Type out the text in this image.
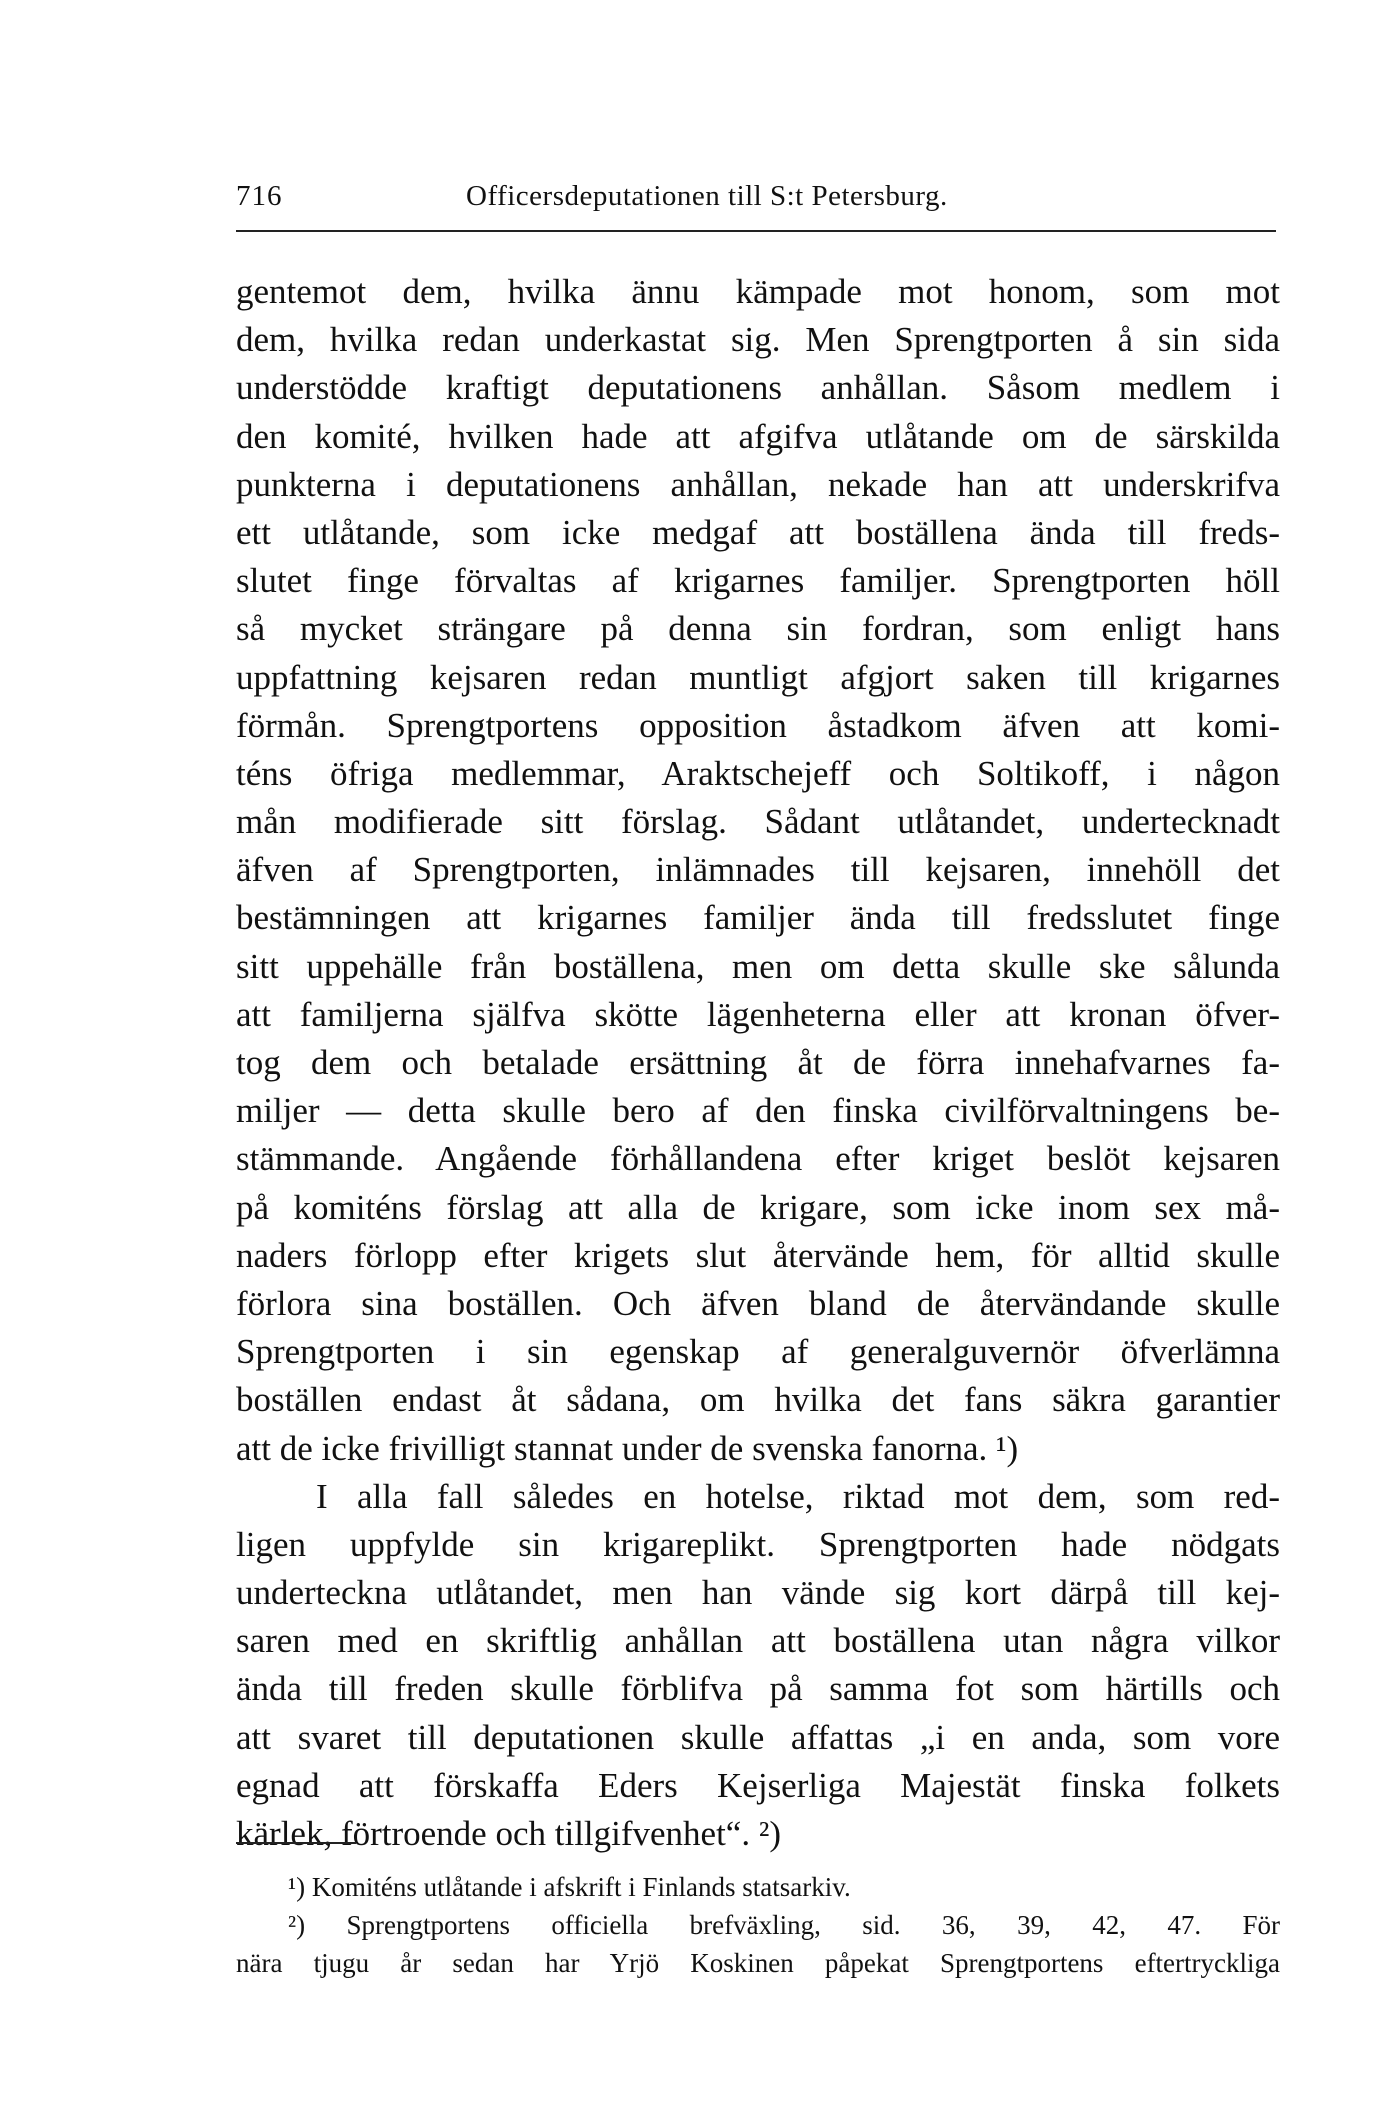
716	Officersdeputationen till S:t Petersburg.
gentemot dem, hvilka ännu kämpade mot honom, som mot
dem, hvilka redan underkastat sig. Men Sprengtporten å sin sida
understödde kraftigt deputationens anhållan. Såsom medlem i
den komité, hvilken hade att afgifva utlåtande om de särskilda
punkterna i deputationens anhållan, nekade han att underskrifva
ett utlåtande, som icke medgaf att boställena ända till freds-
slutet finge förvaltas af krigarnes familjer. Sprengtporten höll
så mycket strängare på denna sin fordran, som enligt hans
uppfattning kejsaren redan muntligt afgjort saken till krigarnes
förmån. Sprengtportens opposition åstadkom äfven att komi-
téns öfriga medlemmar, Araktschejeff och Soltikoff, i någon
mån modifierade sitt förslag. Sådant utlåtandet, undertecknadt
äfven af Sprengtporten, inlämnades till kejsaren, innehöll det
bestämningen att krigarnes familjer ända till fredsslutet finge
sitt uppehälle från boställena, men om detta skulle ske sålunda
att familjerna själfva skötte lägenheterna eller att kronan öfver-
tog dem och betalade ersättning åt de förra innehafvarnes fa-
miljer — detta skulle bero af den finska civilförvaltningens be-
stämmande. Angående förhållandena efter kriget beslöt kejsaren
på komiténs förslag att alla de krigare, som icke inom sex må-
naders förlopp efter krigets slut återvände hem, för alltid skulle
förlora sina boställen. Och äfven bland de återvändande skulle
Sprengtporten i sin egenskap af generalguvernör öfverlämna
boställen endast åt sådana, om hvilka det fans säkra garantier
att de icke frivilligt stannat under de svenska fanorna. ¹)
I alla fall således en hotelse, riktad mot dem, som red-
ligen uppfylde sin krigareplikt. Sprengtporten hade nödgats
underteckna utlåtandet, men han vände sig kort därpå till kej-
saren med en skriftlig anhållan att boställena utan några vilkor
ända till freden skulle förblifva på samma fot som härtills och
att svaret till deputationen skulle affattas „i en anda, som vore
egnad att förskaffa Eders Kejserliga Majestät finska folkets
kärlek, förtroende och tillgifvenhet“. ²)
¹) Komiténs utlåtande i afskrift i Finlands statsarkiv.
²) Sprengtportens officiella brefväxling, sid. 36, 39, 42, 47. För
nära tjugu år sedan har Yrjö Koskinen påpekat Sprengtportens eftertryckliga
